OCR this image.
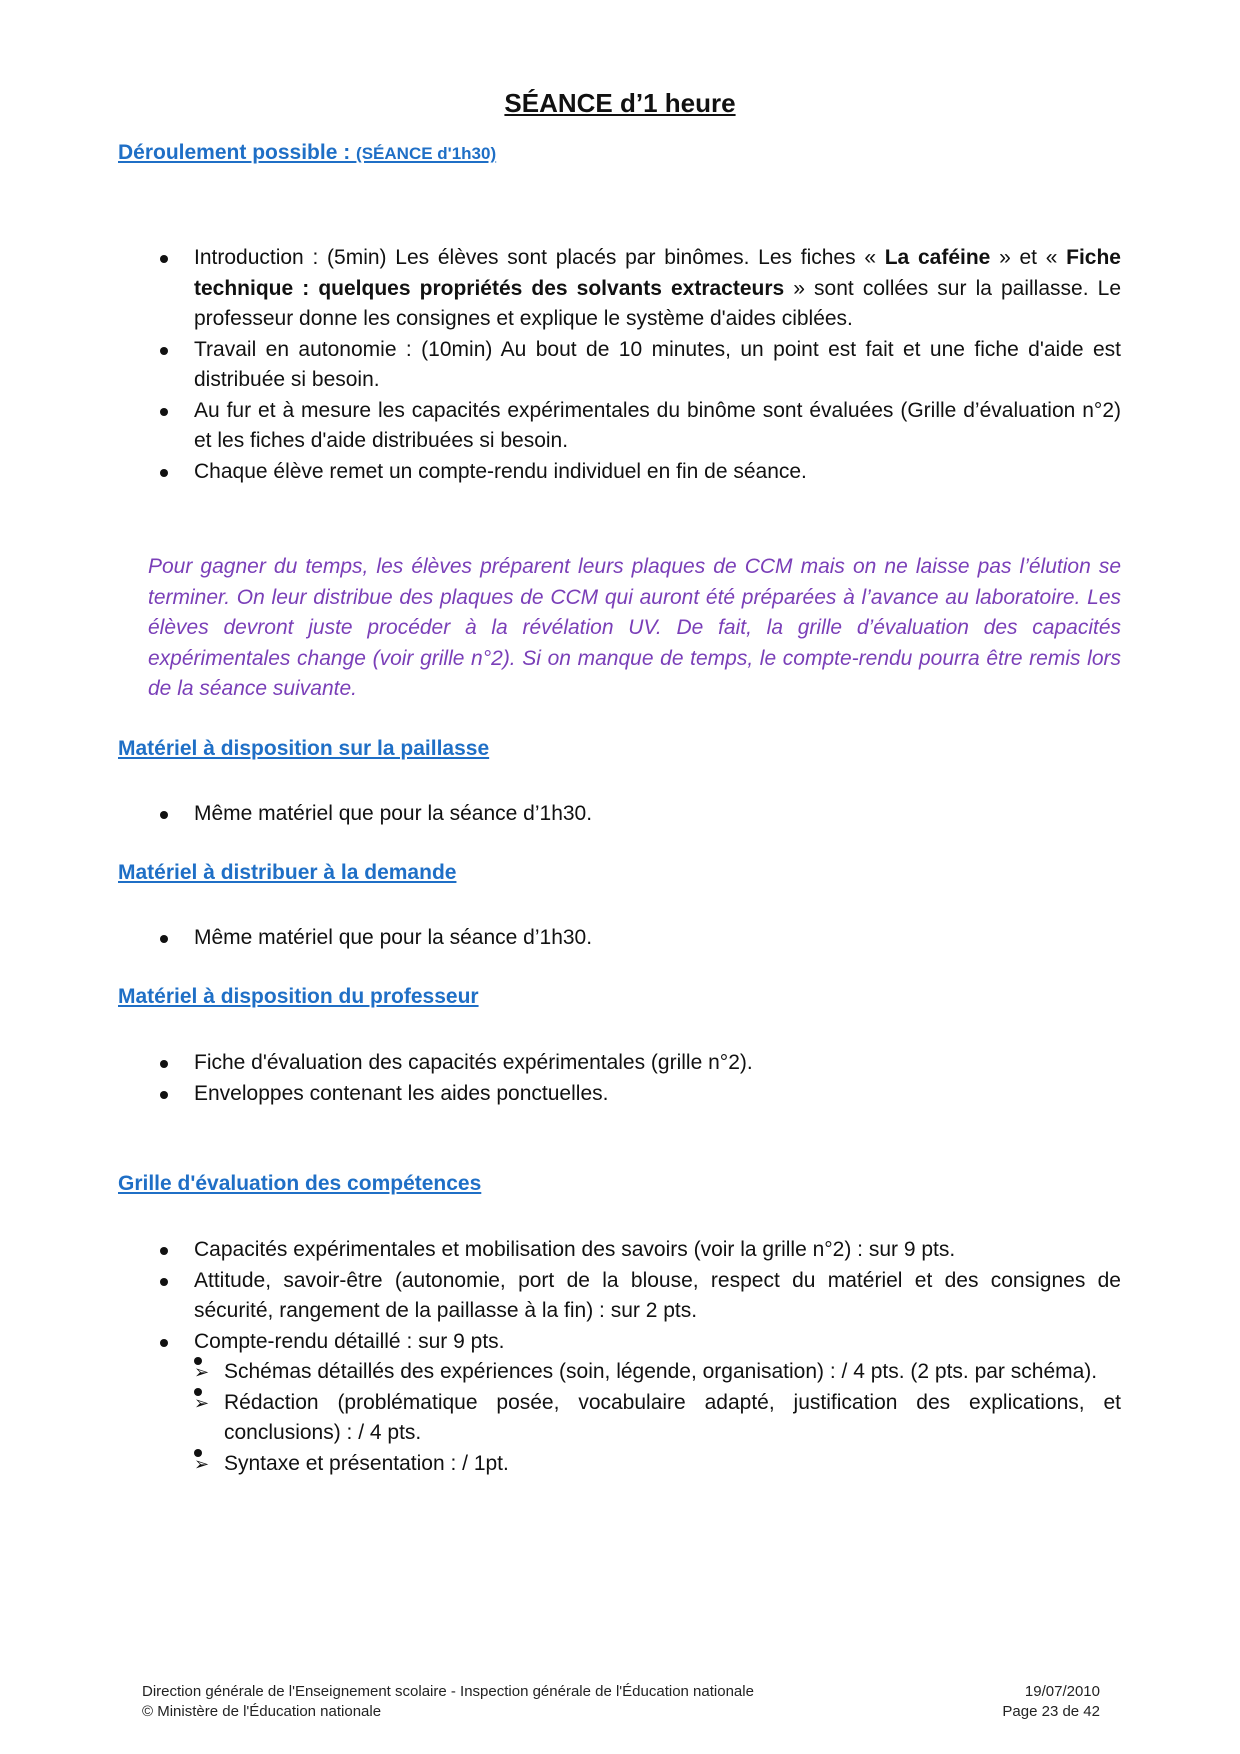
SÉANCE d’1 heure
Déroulement possible : (SÉANCE d'1h30)
Introduction : (5min) Les élèves sont placés par binômes. Les fiches « La caféine » et « Fiche technique : quelques propriétés des solvants extracteurs » sont collées sur la paillasse. Le professeur donne les consignes et explique le système d'aides ciblées.
Travail en autonomie : (10min) Au bout de 10 minutes, un point est fait et une fiche d'aide est distribuée si besoin.
Au fur et à mesure les capacités expérimentales du binôme sont évaluées (Grille d’évaluation n°2) et les fiches d'aide distribuées si besoin.
Chaque élève remet un compte-rendu individuel en fin de séance.
Pour gagner du temps, les élèves préparent leurs plaques de CCM mais on ne laisse pas l’élution se terminer. On leur distribue des plaques de CCM qui auront été préparées à l’avance au laboratoire. Les élèves devront juste procéder à la révélation UV. De fait, la grille d’évaluation des capacités expérimentales change (voir grille n°2). Si on manque de temps, le compte-rendu pourra être remis lors de la séance suivante.
Matériel à disposition sur la paillasse
Même matériel que pour la séance d’1h30.
Matériel à distribuer à la demande
Même matériel que pour la séance d’1h30.
Matériel à disposition du professeur
Fiche d'évaluation des capacités expérimentales (grille n°2).
Enveloppes contenant les aides ponctuelles.
Grille d'évaluation des compétences
Capacités expérimentales et mobilisation des savoirs (voir la grille n°2) : sur 9 pts.
Attitude, savoir-être (autonomie, port de la blouse, respect du matériel et des consignes de sécurité, rangement de la paillasse à la fin) : sur 2 pts.
Compte-rendu détaillé : sur 9 pts.
➢ Schémas détaillés des expériences (soin, légende, organisation) : / 4 pts. (2 pts. par schéma).
➢ Rédaction (problématique posée, vocabulaire adapté, justification des explications, et conclusions) : / 4 pts.
➢ Syntaxe et présentation : / 1pt.
Direction générale de l'Enseignement scolaire - Inspection générale de l'Éducation nationale
© Ministère de l'Éducation nationale
19/07/2010
Page 23 de 42
